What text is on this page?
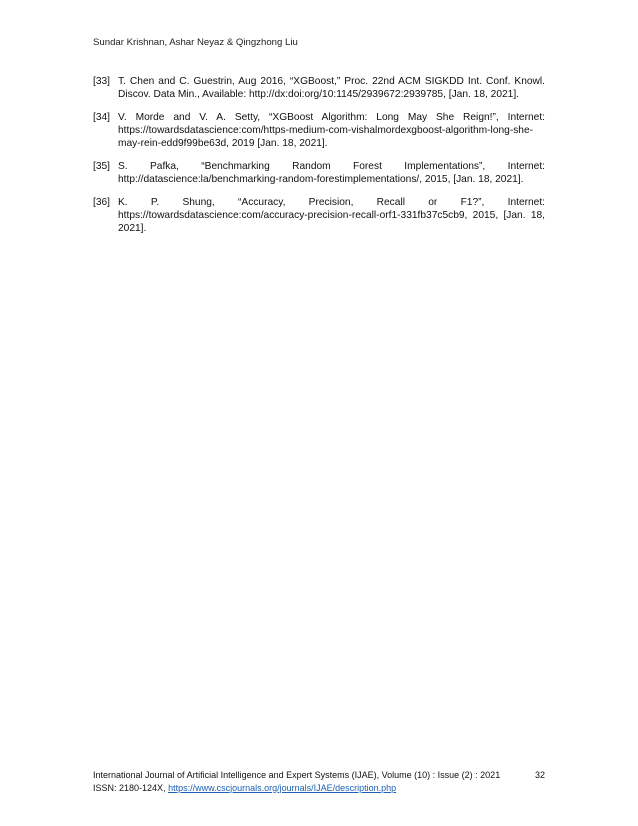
Sundar Krishnan, Ashar Neyaz & Qingzhong Liu
[33] T. Chen and C. Guestrin, Aug 2016, “XGBoost,” Proc. 22nd ACM SIGKDD Int. Conf. Knowl. Discov. Data Min., Available: http://dx:doi:org/10:1145/2939672:2939785, [Jan. 18, 2021].
[34] V. Morde and V. A. Setty, “XGBoost Algorithm: Long May She Reign!”, Internet: https://towardsdatascience:com/https-medium-com-vishalmordexgboost-algorithm-long-she-may-rein-edd9f99be63d, 2019 [Jan. 18, 2021].
[35] S. Pafka, “Benchmarking Random Forest Implementations”, Internet: http://datascience:la/benchmarking-random-forestimplementations/, 2015, [Jan. 18, 2021].
[36] K. P. Shung, “Accuracy, Precision, Recall or F1?”, Internet: https://towardsdatascience:com/accuracy-precision-recall-orf1-331fb37c5cb9, 2015, [Jan. 18, 2021].
International Journal of Artificial Intelligence and Expert Systems (IJAE), Volume (10) : Issue (2) : 2021	32
ISSN: 2180-124X, https://www.cscjournals.org/journals/IJAE/description.php
